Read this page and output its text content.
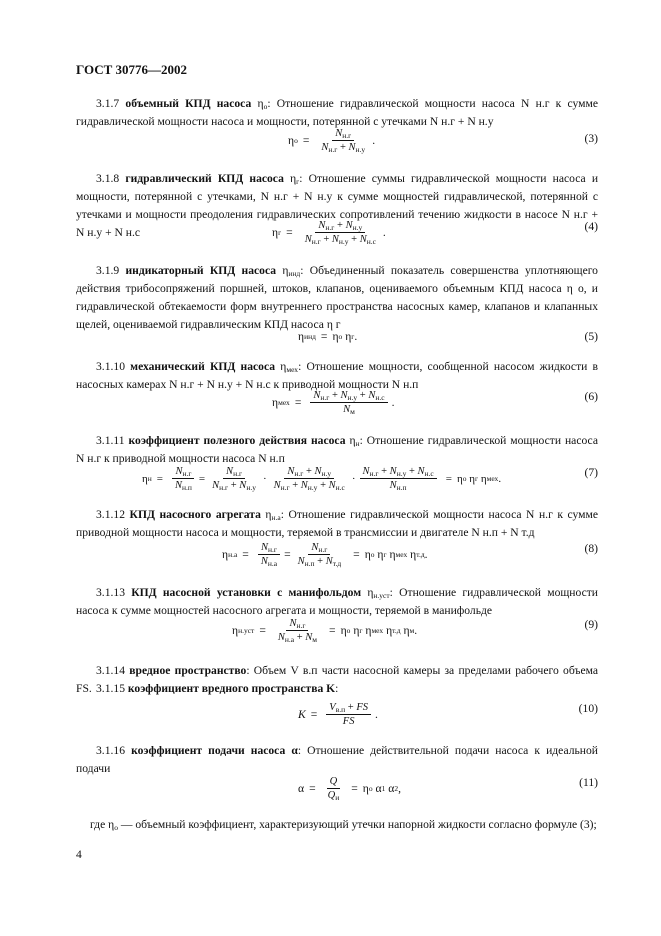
ГОСТ 30776—2002
3.1.7 объемный КПД насоса $\eta_о$: Отношение гидравлической мощности насоса N н.г к сумме гидравлической мощности насоса и мощности, потерянной с утечками N н.г + N н.у
η $о = \frac{N_{н.г}}{N_{н.г} + N_{н.у}}$ .	(3)
3.1.8 гидравлический КПД насоса $\eta_г$: Отношение суммы гидравлической мощности насоса и мощности, потерянной с утечками, N н.г + N н.у к сумме мощностей гидравлической, потерянной с утечками и мощности преодоления гидравлических сопротивлений течению жидкости в насосе N н.г + N н.у + N н.с	η $г = \frac{N_{н.г} + N_{н.у}}{N_{н.г} + N_{н.у} + N_{н.с}}$ .	(4)
3.1.9 индикаторный КПД насоса $\eta_{инд}$: Объединенный показатель совершенства уплотняющего действия трибосопряжений поршней, штоков, клапанов, оцениваемого объемным КПД насоса η о, и гидравлической обтекаемости форм внутреннего пространства насосных камер, клапанов и клапанных щелей, оцениваемой гидравлическим КПД насоса η г
η инд = η о η г .	(5)
3.1.10 механический КПД насоса $\eta_{мех}$: Отношение мощности, сообщенной насосом жидкости в насосных камерах N н.г + N н.у + N н.с к приводной мощности N н.п
η мех = $\frac{N_{н.г} + N_{н.у} + N_{н.с}}{N_м}$ .	(6)
3.1.11 коэффициент полезного действия насоса $\eta_н$: Отношение гидравлической мощности насоса N н.г к приводной мощности насоса N н.п
η $н = \frac{N_{н.г}}{N_{н.п}} = \frac{N_{н.г}}{N_{н.г} + N_{н.у}} \cdot \frac{N_{н.г} + N_{н.у}}{N_{н.г} + N_{н.у} + N_{н.с}} \cdot \frac{N_{н.г} + N_{н.у} + N_{н.с}}{N_{н.п}} = \eta$ о η г η мех .	(7)
3.1.12 КПД насосного агрегата $\eta_{н.а}$: Отношение гидравлической мощности насоса N н.г к сумме приводной мощности насоса и мощности, теряемой в трансмиссии и двигателе N н.п + N т.д
η $н.а = \frac{N_{н.г}}{N_{н.а}} = \frac{N_{н.г}}{N_{н.п} + N_{т.д}} = \eta$ о η г η мех η т.д .	(8)
3.1.13 КПД насосной установки с манифольдом $\eta_{н.уст}$: Отношение гидравлической мощности насоса к сумме мощностей насосного агрегата и мощности, теряемой в манифольде
η $н.уст = \frac{N_{н.г}}{N_{н.а} + N_м} = \eta$ о η г η мех η т.д η м .	(9)
3.1.14 вредное пространство: Объем V в.п части насосной камеры за пределами рабочего объема FS. 3.1.15 коэффициент вредного пространства K:
$K = \frac{V_{в.п} + FS}{FS}$ .	(10)
3.1.16 коэффициент подачи насоса α: Отношение действительной подачи насоса к идеальной подачи
$\alpha = \frac{Q}{Q_и} = \eta$ о α 1 α 2 ,	(11)
где $\eta_о$ — объемный коэффициент, характеризующий утечки напорной жидкости согласно формуле (3);
4
